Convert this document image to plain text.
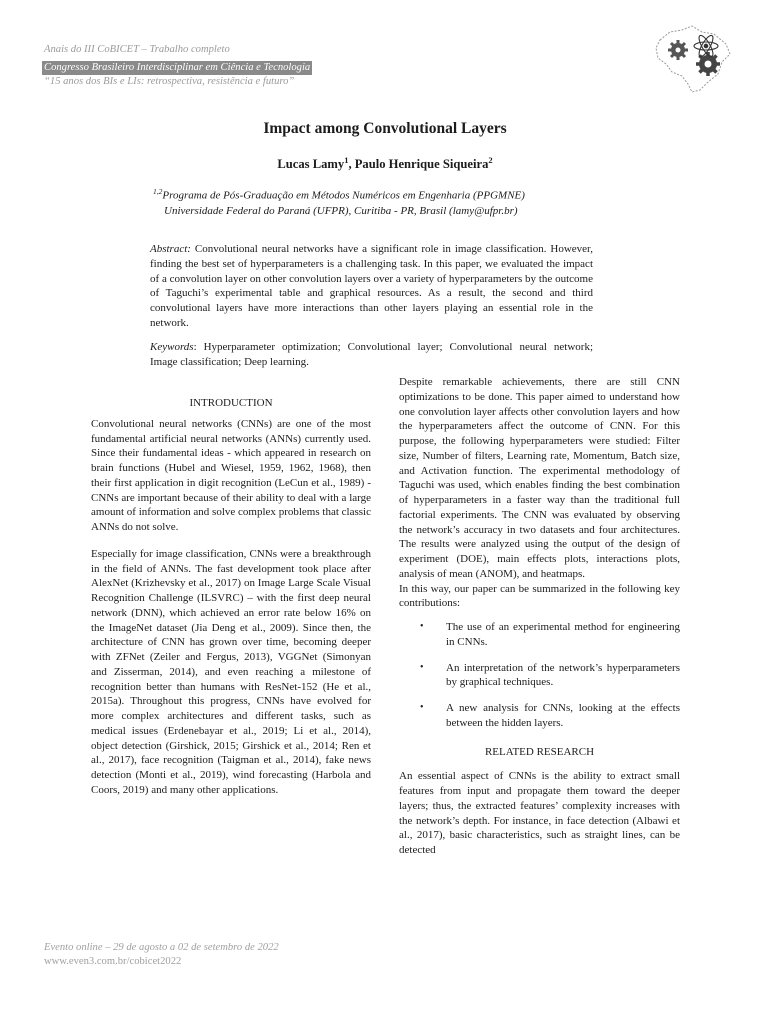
Anais do III CoBICET – Trabalho completo
Congresso Brasileiro Interdisciplinar em Ciência e Tecnologia
“15 anos dos BIs e LIs: retrospectiva, resistência e futuro”
Impact among Convolutional Layers
Lucas Lamy$^1$, Paulo Henrique Siqueira$^2$
$^{1,2}$Programa de Pós-Graduação em Métodos Numéricos em Engenharia (PPGMNE)
Universidade Federal do Paraná (UFPR), Curitiba - PR, Brasil (lamy@ufpr.br)
Abstract: Convolutional neural networks have a significant role in image classification. However, finding the best set of hyperparameters is a challenging task. In this paper, we evaluated the impact of a convolution layer on other convolution layers over a variety of hyperparameters by the outcome of Taguchi’s experimental table and graphical resources. As a result, the second and third convolutional layers have more interactions than other layers playing an essential role in the network.
Keywords: Hyperparameter optimization; Convolutional layer; Convolutional neural network; Image classification; Deep learning.

INTRODUCTION

Convolutional neural networks (CNNs) are one of the most fundamental artificial neural networks (ANNs) currently used. Since their fundamental ideas - which appeared in research on brain functions (Hubel and Wiesel, 1959, 1962, 1968), then their first application in digit recognition (LeCun et al., 1989) - CNNs are important because of their ability to deal with a large amount of information and solve complex problems that classic ANNs do not solve.

Especially for image classification, CNNs were a breakthrough in the field of ANNs. The fast development took place after AlexNet (Krizhevsky et al., 2017) on Image Large Scale Visual Recognition Challenge (ILSVRC) – with the first deep neural network (DNN), which achieved an error rate below 16% on the ImageNet dataset (Jia Deng et al., 2009). Since then, the architecture of CNN has grown over time, becoming deeper with ZFNet (Zeiler and Fergus, 2013), VGGNet (Simonyan and Zisserman, 2014), and even reaching a milestone of recognition better than humans with ResNet-152 (He et al., 2015a). Throughout this progress, CNNs have evolved for more complex architectures and different tasks, such as medical issues (Erdenebayar et al., 2019; Li et al., 2014), object detection (Girshick, 2015; Girshick et al., 2014; Ren et al., 2017), face recognition (Taigman et al., 2014), fake news detection (Monti et al., 2019), wind forecasting (Harbola and Coors, 2019) and many other applications.

Despite remarkable achievements, there are still CNN optimizations to be done. This paper aimed to understand how one convolution layer affects other convolution layers and how the hyperparameters affect the outcome of CNN. For this purpose, the following hyperparameters were studied: Filter size, Number of filters, Learning rate, Momentum, Batch size, and Activation function. The experimental methodology of Taguchi was used, which enables finding the best combination of hyperparameters in a faster way than the traditional full factorial experiments. The CNN was evaluated by observing the network’s accuracy in two datasets and four architectures. The results were analyzed using the output of the design of experiment (DOE), main effects plots, interactions plots, analysis of mean (ANOM), and heatmaps.

In this way, our paper can be summarized in the following key contributions:

• The use of an experimental method for engineering in CNNs.
• An interpretation of the network’s hyperparameters by graphical techniques.
• A new analysis for CNNs, looking at the effects between the hidden layers.

RELATED RESEARCH

An essential aspect of CNNs is the ability to extract small features from input and propagate them toward the deeper layers; thus, the extracted features’ complexity increases with the network’s depth. For instance, in face detection (Albawi et al., 2017), basic characteristics, such as straight lines, can be detected

Evento online – 29 de agosto a 02 de setembro de 2022
www.even3.com.br/cobicet2022
